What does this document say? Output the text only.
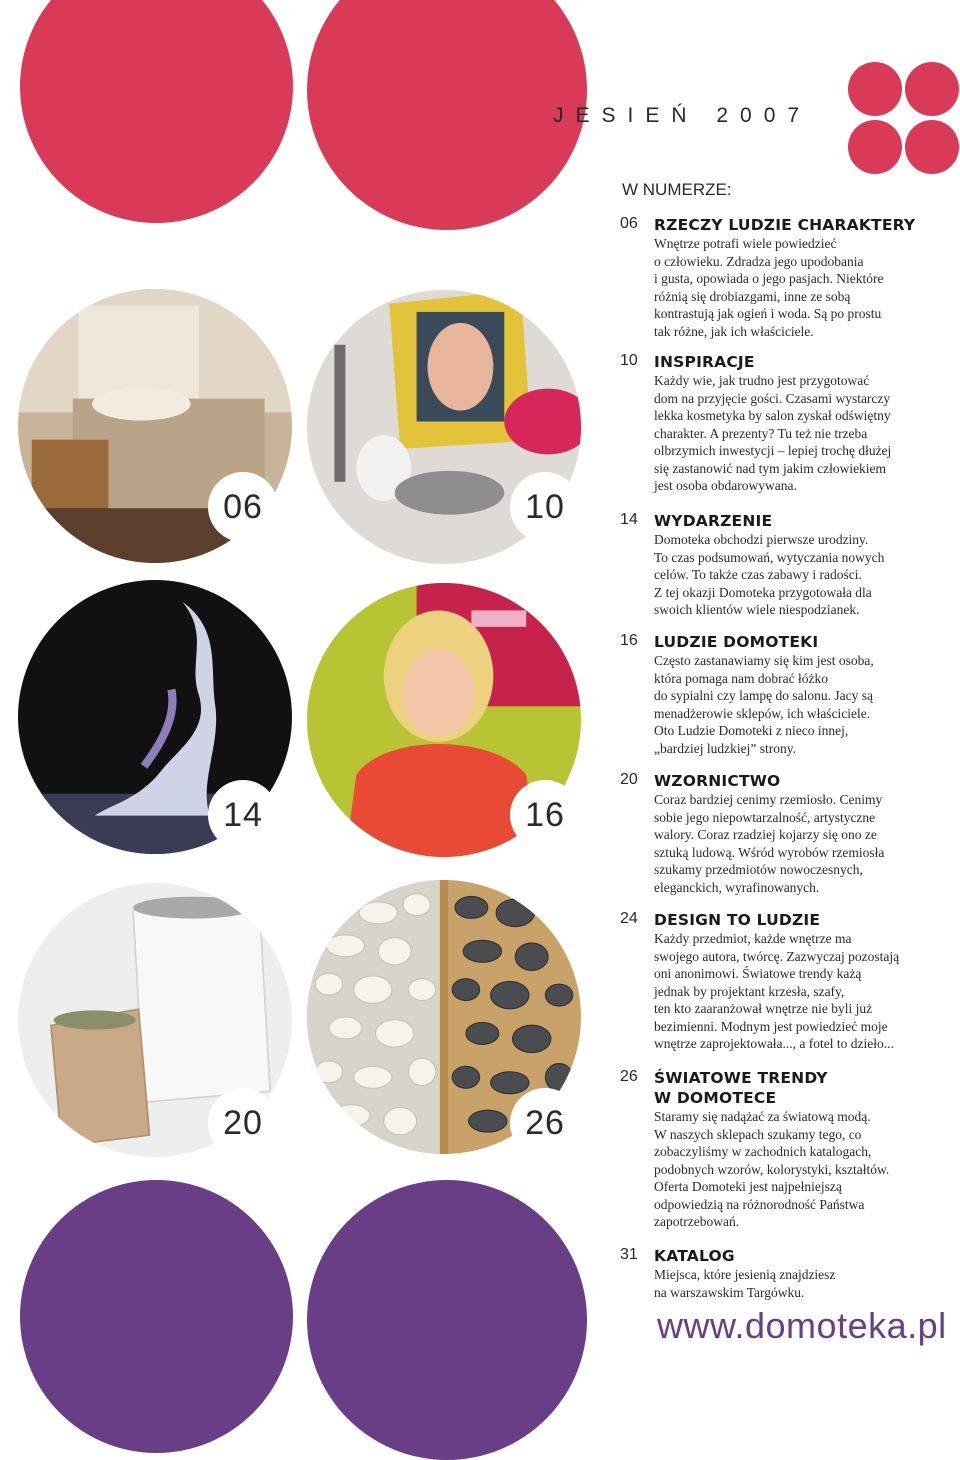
JESIEŃ 2007
06	10
14	16
20	26
W NUMERZE:
06 RZECZY LUDZIE CHARAKTERY
Wnętrze potrafi wiele powiedzieć
o człowieku. Zdradza jego upodobania
i gusta, opowiada o jego pasjach. Niektóre
różnią się drobiazgami, inne ze sobą
kontrastują jak ogień i woda. Są po prostu
tak różne, jak ich właściciele.
10 INSPIRACJE
Każdy wie, jak trudno jest przygotować
dom na przyjęcie gości. Czasami wystarczy
lekka kosmetyka by salon zyskał odświętny
charakter. A prezenty? Tu też nie trzeba
olbrzymich inwestycji – lepiej trochę dłużej
się zastanowić nad tym jakim człowiekiem
jest osoba obdarowywana.
14 WYDARZENIE
Domoteka obchodzi pierwsze urodziny.
To czas podsumowań, wytyczania nowych
celów. To także czas zabawy i radości.
Z tej okazji Domoteka przygotowała dla
swoich klientów wiele niespodzianek.
16 LUDZIE DOMOTEKI
Często zastanawiamy się kim jest osoba,
która pomaga nam dobrać łóżko
do sypialni czy lampę do salonu. Jacy są
menadżerowie sklepów, ich właściciele.
Oto Ludzie Domoteki z nieco innej,
„bardziej ludzkiej” strony.
20 WZORNICTWO
Coraz bardziej cenimy rzemiosło. Cenimy
sobie jego niepowtarzalność, artystyczne
walory. Coraz rzadziej kojarzy się ono ze
sztuką ludową. Wśród wyrobów rzemiosła
szukamy przedmiotów nowoczesnych,
eleganckich, wyrafinowanych.
24 DESIGN TO LUDZIE
Każdy przedmiot, każde wnętrze ma
swojego autora, twórcę. Zazwyczaj pozostają
oni anonimowi. Światowe trendy każą
jednak by projektant krzesła, szafy,
ten kto zaaranżował wnętrze nie byli już
bezimienni. Modnym jest powiedzieć moje
wnętrze zaprojektowała..., a fotel to dzieło...
26 ŚWIATOWE TRENDY
W DOMOTECE
Staramy się nadążać za światową modą.
W naszych sklepach szukamy tego, co
zobaczyliśmy w zachodnich katalogach,
podobnych wzorów, kolorystyki, kształtów.
Oferta Domoteki jest najpełniejszą
odpowiedzią na różnorodność Państwa
zapotrzebowań.
31 KATALOG
Miejsca, które jesienią znajdziesz
na warszawskim Targówku.
www.domoteka.pl
